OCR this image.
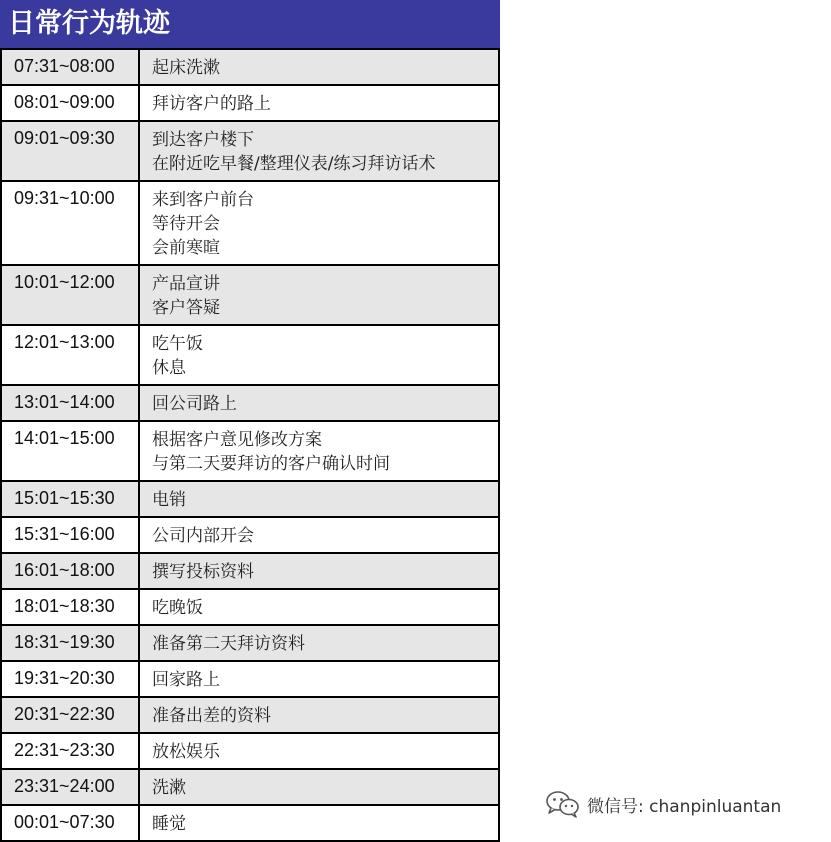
日常行为轨迹
07:31~08:00	起床洗漱
08:01~09:00	拜访客户的路上
09:01~09:30	到达客户楼下
在附近吃早餐/整理仪表/练习拜访话术
09:31~10:00	来到客户前台
等待开会
会前寒暄
10:01~12:00	产品宣讲
客户答疑
12:01~13:00	吃午饭
休息
13:01~14:00	回公司路上
14:01~15:00	根据客户意见修改方案
与第二天要拜访的客户确认时间
15:01~15:30	电销
15:31~16:00	公司内部开会
16:01~18:00	撰写投标资料
18:01~18:30	吃晚饭
18:31~19:30	准备第二天拜访资料
19:31~20:30	回家路上
20:31~22:30	准备出差的资料
22:31~23:30	放松娱乐
23:31~24:00	洗漱
00:01~07:30	睡觉
微信号: chanpinluantan
